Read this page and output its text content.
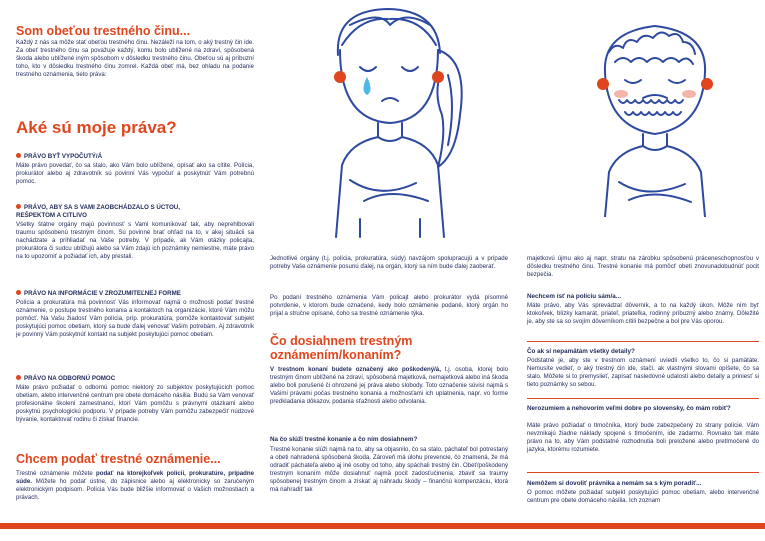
Som obeťou trestného činu...
Každý z nás sa môže stať obeťou trestného činu. Nezáleží na tom, o aký trestný čin ide. Za obeť trestného činu sa považuje každý, komu bolo ublížené na zdraví, spôsobená škoda alebo ublížené iným spôsobom v dôsledku trestného činu. Obeťou sú aj príbuzní toho, kto v dôsledku trestného činu zomrel. Každá obeť má, bez ohladu na podanie trestného oznámenia, tieto práva:
Aké sú moje práva?
PRÁVO BYŤ VYPOČUTÝ/Á
Máte právo povedať, čo sa stalo, ako Vám bolo ublížené, opísať ako sa cítite. Polícia, prokurátor alebo aj zdravotník sú povinní Vás vypočuť a poskytnúť Vám potrebnú pomoc.
PRÁVO, ABY SA S VAMI ZAOBCHÁDZALO S ÚCTOU, REŠPEKTOM A CITLIVO
Všetky štátne orgány majú povinnosť s Vami komunikovať tak, aby neprehlbovali traumu spôsobenú trestným činom. Sú povinné brať ohľad na to, v akej situácii sa nachádzate a prihliadať na Vaše potreby. V prípade, ak Vám otázky policajta, prokurátora či sudcu ubližujú alebo sa Vám zdajú ich poznámky nemiestne, máte právo na to upozorniť a požiadať ich, aby prestali.
PRÁVO NA INFORMÁCIE V ZROZUMITEĽNEJ FORME
Polícia a prokuratúra má povinnosť Vás informovať najmä o možnosti podať trestné oznámenie, o postupe trestného konania a kontaktoch na organizácie, ktoré Vám môžu pomôcť. Na Vašu žiadosť Vám polícia, príp. prokuratúra, pomôže kontaktovať subjekt poskytujúci pomoc obetiam, ktorý sa bude ďalej venovať Vašim potrebám. Aj zdravotník je povinný Vám poskytnúť kontakt na subjekt poskytujúci pomoc obetiam.
PRÁVO NA ODBORNÚ POMOC
Máte právo požiadať o odbornú pomoc niektorý zo subjektov poskytujúcich pomoc obetiam, alebo intervenčné centrum pre obete domáceho násilia. Budú sa Vám venovať profesionálne školení zamestnanci, ktorí Vám pomôžu s právnymi otázkami alebo poskytnú psychologickú podporu. V prípade potreby Vám pomôžu zabezpečiť núdzové bývanie, kontaktovať rodinu či získať financie.
Chcem podať trestné oznámenie...
Trestné oznámenie môžete podať na ktorejkoľvek polícii, prokuratúre, prípadne súde. Môžete ho podať ústne, do zápisnice alebo aj elektronicky so zaručeným elektronickým podpisom. Polícia Vás bude bližšie informovať o Vašich možnostiach a právach.
Jednotlivé orgány (t.j. polícia, prokuratúra, súdy) navzájom spolupracujú a v prípade potreby Vaše oznámenie posunú ďalej, na orgán, ktorý sa ním bude ďalej zaoberať.
Po podaní trestného oznámenia Vám policajt alebo prokurátor vydá písomné potvrdenie, v ktorom bude označené, kedy bolo oznámenie podané, ktorý orgán ho prijal a stručne opísané, čoho sa trestné oznámenie týka.
Čo dosiahnem trestným oznámením/konaním?
V trestnom konaní budete označený ako poškodený/á, t.j. osoba, ktorej bolo trestným činom ublížené na zdraví, spôsobená majetková, nemajetková alebo iná škoda alebo boli porušené či ohrozené jej práva alebo slobody. Toto označenie súvisí najmä s Vašimi právami počas trestného konania a možnosťami ich uplatnenia, napr. vo forme predkladania dôkazov, podania sťažnosti alebo odvolania.
Na čo slúži trestné konanie a čo ním dosiahnem?
Trestné konanie slúži najmä na to, aby sa objasnilo, čo sa stalo, páchateľ bol potrestaný a obeti nahradená spôsobená škoda. Zároveň má úlohu prevencie, čo znamená, že má odradiť páchateľa alebo aj iné osoby od toho, aby spáchali trestný čin. Obeť/poškodený trestným konaním môže dosiahnuť najmä pocit zadosťučinenia, zbaviť sa traumy spôsobenej trestným činom a získať aj náhradu škody – finančnú kompenzáciu, ktorá má nahradiť tak
majetkovú újmu ako aj napr. stratu na zárobku spôsobenú práceneschopnosťou v dôsledku trestného činu. Trestné konanie má pomôcť obeti znovunadobudnúť pocit bezpečia.
Nechcem ísť na políciu sám/a...
Máte právo, aby Vás sprevádzal dôverník, a to na každý úkon. Môže ním byť ktokoľvek, blízky kamarát, priateľ, priateľka, rodinný príbuzný alebo známy. Dôležité je, aby ste sa so svojím dôverníkom cítili bezpečne a bol pre Vás oporou.
Čo ak si nepamätám všetky detaily?
Podstatné je, aby ste v trestnom oznámení uviedli všetko to, čo si pamätáte. Nemusíte vedieť, o aký trestný čin ide, stačí, ak vlastnými slovami opíšete, čo sa stalo. Môžete si to premyslieť, zapísať nasledovné udalosti alebo detaily a priniesť si tieto poznámky so sebou.
Nerozumiem a nehovorím veľmi dobre po slovensky, čo mám robiť?
Máte právo požiadať o tlmočníka, ktorý bude zabezpečený zo strany polície. Vám nevznikajú žiadne náklady spojené s tlmočením, ide zadarmo. Rovnako tak máte právo na to, aby Vám podstatné rozhodnutia boli preložené alebo pretlmočené do jazyka, ktorému rozumiete.
Nemôžem si dovoliť právnika a nemám sa s kým poradiť...
O pomoc môžete požiadať subjekt poskytujúci pomoc obetiam, alebo intervenčné centrum pre obete domáceho násilia. Ich zoznam
